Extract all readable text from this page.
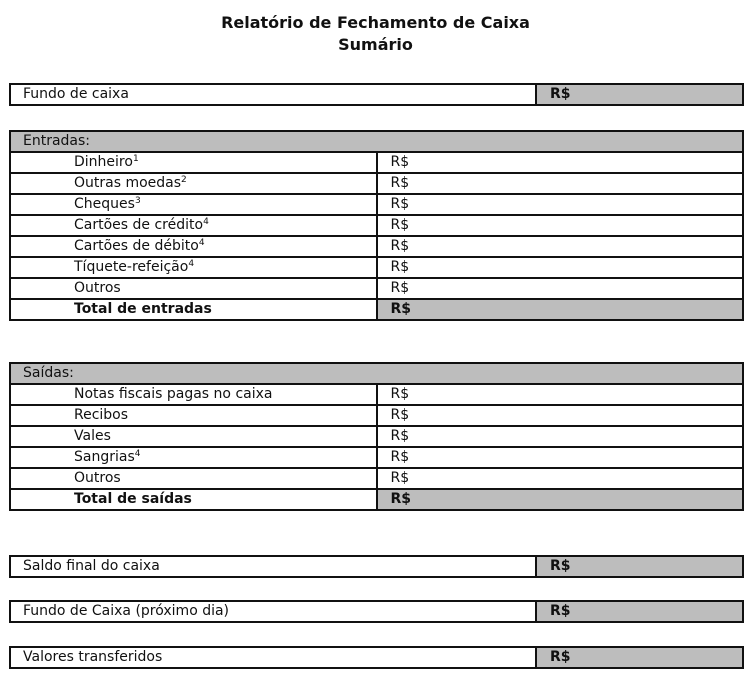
Relatório de Fechamento de Caixa
Sumário
Fundo de caixa	R$
Entradas:	
Dinheiro$^1$	R$
Outras moedas$^2$	R$
Cheques$^3$	R$
Cartões de crédito$^4$	R$
Cartões de débito$^4$	R$
Tíquete-refeição$^4$	R$
Outros	R$
Total de entradas	R$
Saídas:	
Notas fiscais pagas no caixa	R$
Recibos	R$
Vales	R$
Sangrias$^4$	R$
Outros	R$
Total de saídas	R$
Saldo final do caixa	R$
Fundo de Caixa (próximo dia)	R$
Valores transferidos	R$
